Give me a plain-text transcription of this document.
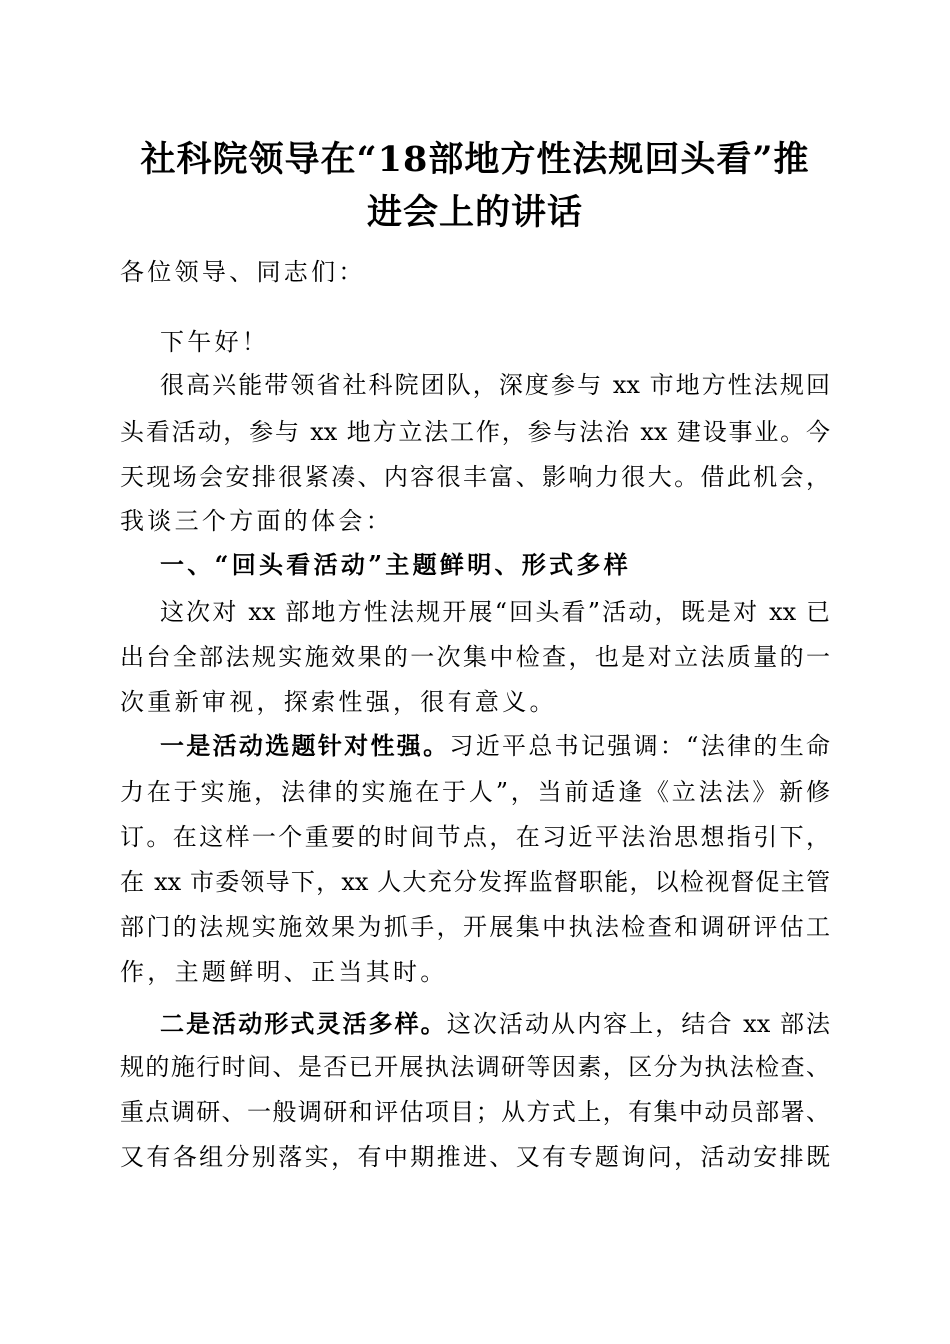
社科院领导在“18部地方性法规回头看”推
进会上的讲话
各位领导、同志们：
下午好！
很高兴能带领省社科院团队，深度参与 xx 市地方性法规回
头看活动，参与 xx 地方立法工作，参与法治 xx 建设事业。今
天现场会安排很紧凑、内容很丰富、影响力很大。借此机会，
我谈三个方面的体会：
一、“回头看活动”主题鲜明、形式多样
这次对 xx 部地方性法规开展“回头看”活动，既是对 xx 已
出台全部法规实施效果的一次集中检查，也是对立法质量的一
次重新审视，探索性强，很有意义。
一是活动选题针对性强。习近平总书记强调：“法律的生命
力在于实施，法律的实施在于人”，当前适逢《立法法》新修
订。在这样一个重要的时间节点，在习近平法治思想指引下，
在 xx 市委领导下，xx 人大充分发挥监督职能，以检视督促主管
部门的法规实施效果为抓手，开展集中执法检查和调研评估工
作，主题鲜明、正当其时。
二是活动形式灵活多样。这次活动从内容上，结合 xx 部法
规的施行时间、是否已开展执法调研等因素，区分为执法检查、
重点调研、一般调研和评估项目；从方式上，有集中动员部署、
又有各组分别落实，有中期推进、又有专题询问，活动安排既
